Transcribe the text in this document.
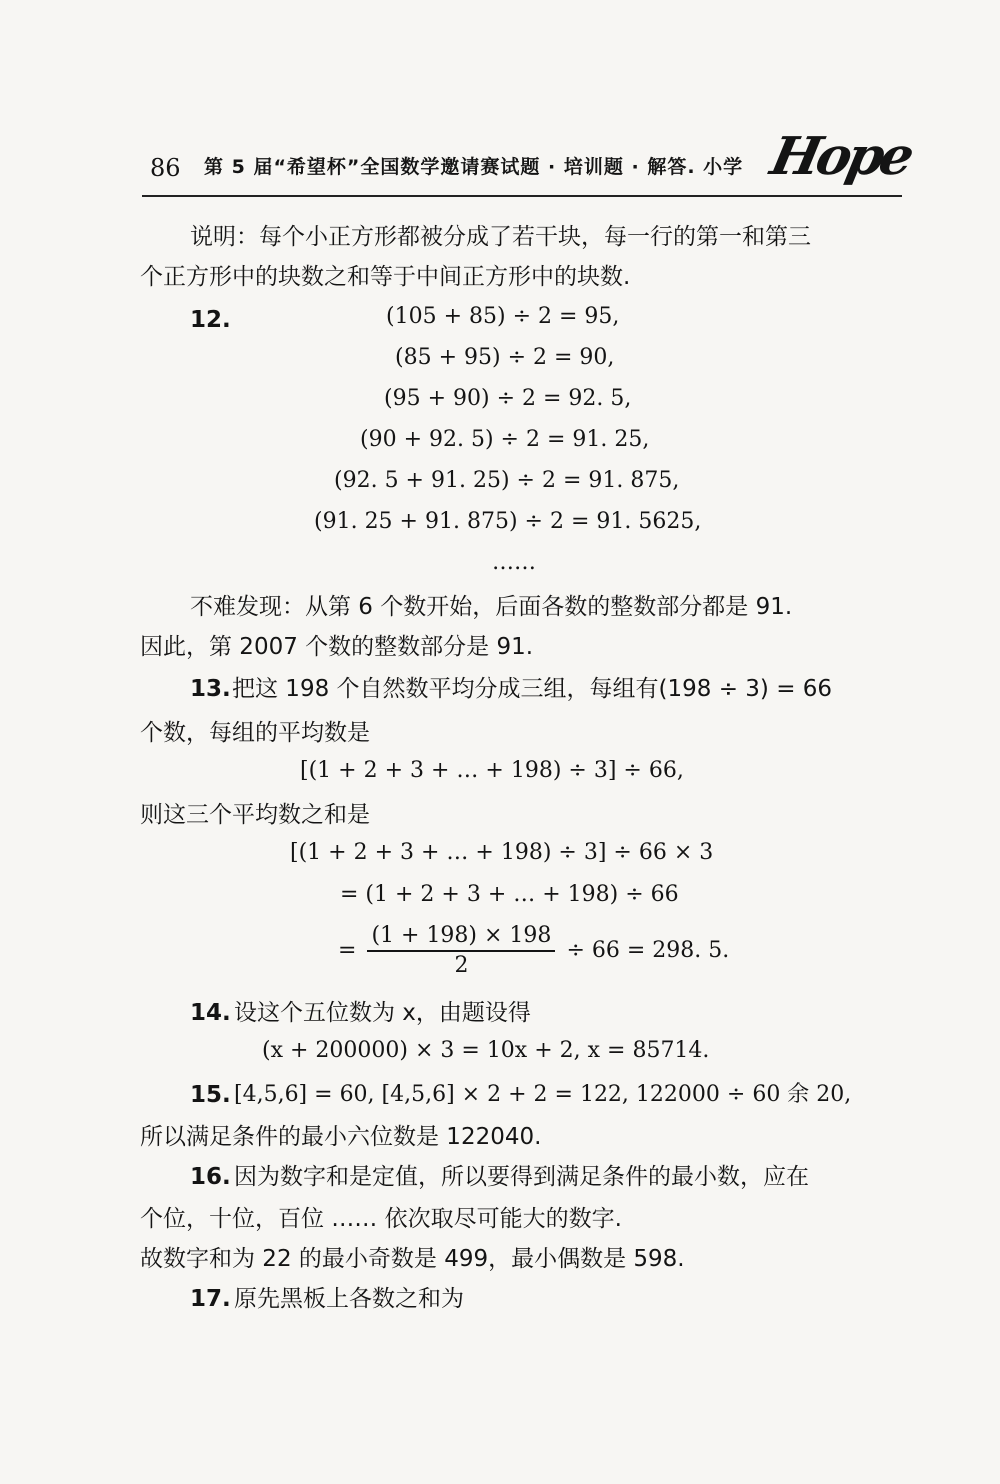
86 第 5 届“希望杯”全国数学邀请赛试题 · 培训题 · 解答. 小学 Hope
说明：每个小正方形都被分成了若干块，每一行的第一和第三
个正方形中的块数之和等于中间正方形中的块数.
12.	(105 + 85) ÷ 2 = 95,
(85 + 95) ÷ 2 = 90,
(95 + 90) ÷ 2 = 92. 5,
(90 + 92. 5) ÷ 2 = 91. 25,
(92. 5 + 91. 25) ÷ 2 = 91. 875,
(91. 25 + 91. 875) ÷ 2 = 91. 5625,
……
不难发现：从第 6 个数开始，后面各数的整数部分都是 91.
因此，第 2007 个数的整数部分是 91.
13. 把这 198 个自然数平均分成三组，每组有(198 ÷ 3) = 66
个数，每组的平均数是
[(1 + 2 + 3 + … + 198) ÷ 3] ÷ 66,
则这三个平均数之和是
[(1 + 2 + 3 + … + 198) ÷ 3] ÷ 66 × 3
= (1 + 2 + 3 + … + 198) ÷ 66
= $\frac{(1 + 198) \times 198}{2} \div 66 = 298$. 5.
14. 设这个五位数为 x，由题设得
(x + 200000) × 3 = 10x + 2, x = 85714.
15. [4,5,6] = 60, [4,5,6] × 2 + 2 = 122, 122000 ÷ 60 余 20,
所以满足条件的最小六位数是 122040.
16. 因为数字和是定值，所以要得到满足条件的最小数，应在
个位，十位，百位 …… 依次取尽可能大的数字.
故数字和为 22 的最小奇数是 499，最小偶数是 598.
17. 原先黑板上各数之和为
